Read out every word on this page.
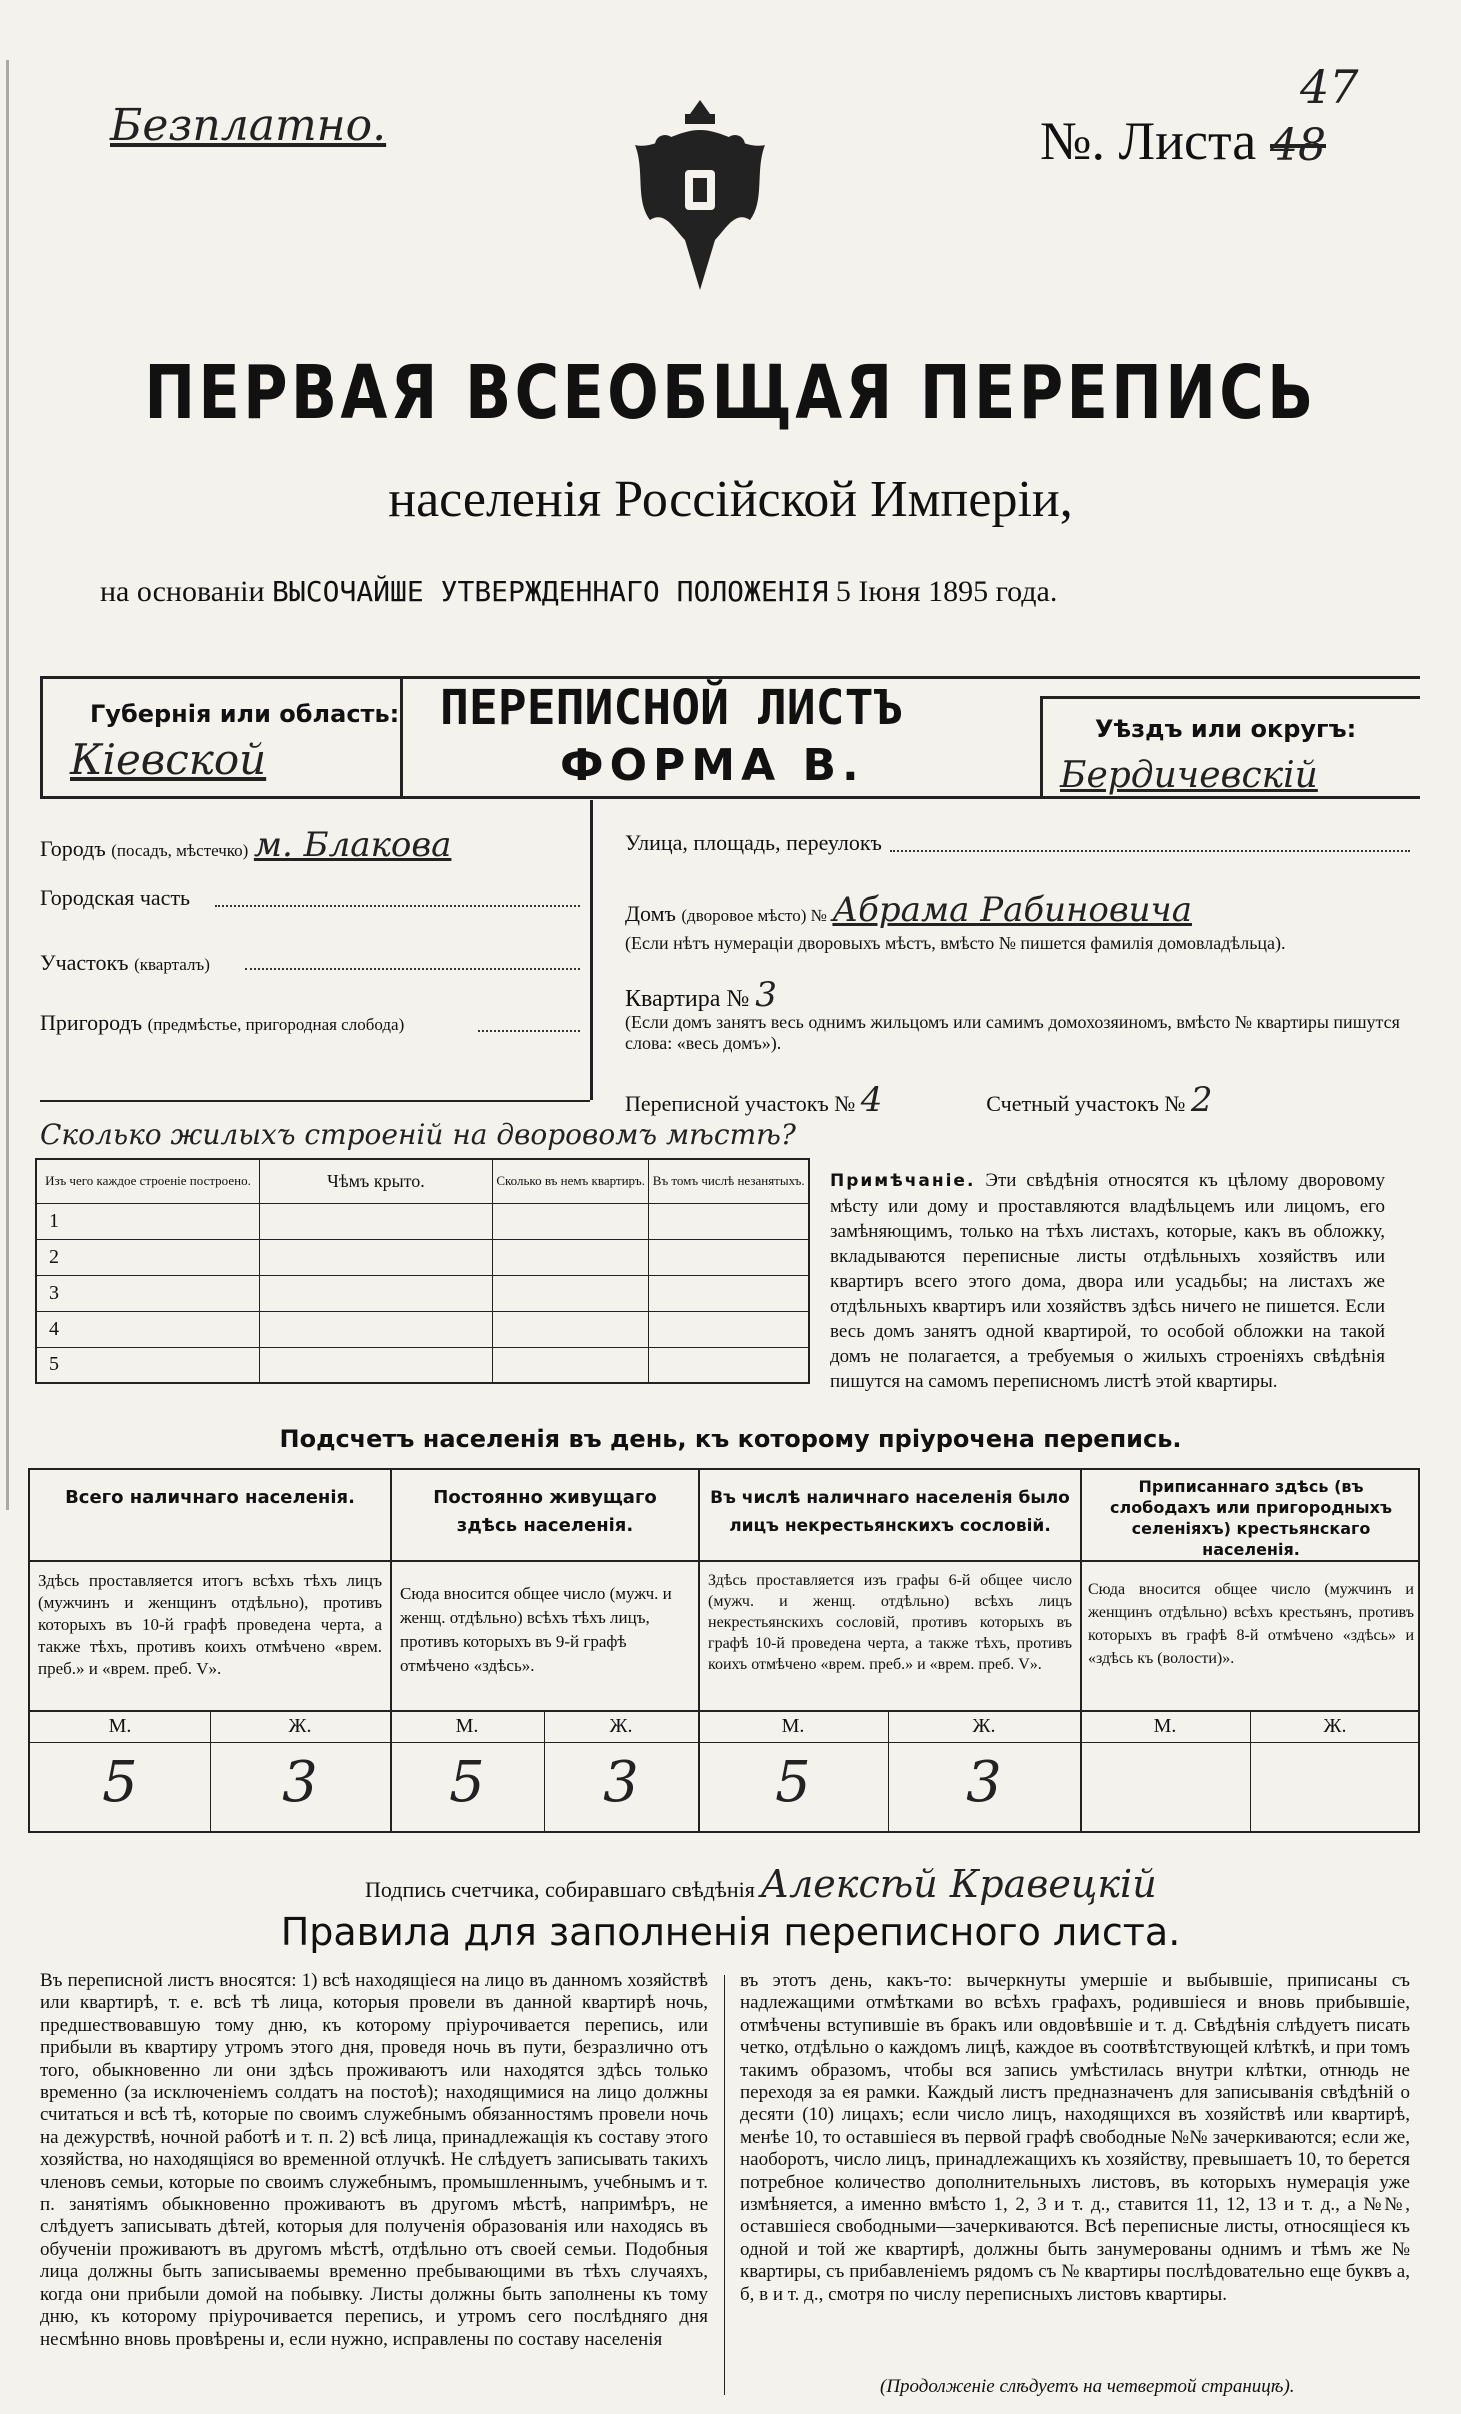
Безплатно.	№. Листа 48
47
ПЕРВАЯ ВСЕОБЩАЯ ПЕРЕПИСЬ
населенія Россійской Имперіи,
на основаніи ВЫСОЧАЙШЕ УТВЕРЖДЕННАГО ПОЛОЖЕНІЯ 5 Іюня 1895 года.
Губернія или область:
Кіевской
ПЕРЕПИСНОЙ ЛИСТЪ
ФОРМА В.
Уѣздъ или округъ:
Бердичевскій
Городъ (посадъ, мѣстечко) м. Блакова
Городская часть
Участокъ (кварталъ)
Пригородъ (предмѣстье, пригородная слобода)
Улица, площадь, переулокъ
Домъ (дворовое мѣсто) № Абрама Рабиновича
(Если нѣтъ нумераціи дворовыхъ мѣстъ, вмѣсто № пишется фамилія домовладѣльца).
Квартира № 3
(Если домъ занятъ весь однимъ жильцомъ или самимъ домохозяиномъ, вмѣсто № квартиры пишутся слова: «весь домъ»).
Переписной участокъ № 4	Счетный участокъ № 2
Сколько жилыхъ строеній на дворовомъ мѣстѣ?
Изъ чего каждое строеніе построено.	Чѣмъ крыто.	Сколько въ немъ квартиръ.	Въ томъ числѣ незанятыхъ.
1			
2			
3			
4			
5			
Примѣчаніе. Эти свѣдѣнія относятся къ цѣлому дворовому мѣсту или дому и проставляются владѣльцемъ или лицомъ, его замѣняющимъ, только на тѣхъ листахъ, которые, какъ въ обложку, вкладываются переписные листы отдѣльныхъ хозяйствъ или квартиръ всего этого дома, двора или усадьбы; на листахъ же отдѣльныхъ квартиръ или хозяйствъ здѣсь ничего не пишется. Если весь домъ занятъ одной квартирой, то особой обложки на такой домъ не полагается, а требуемыя о жилыхъ строеніяхъ свѣдѣнія пишутся на самомъ переписномъ листѣ этой квартиры.
Подсчетъ населенія въ день, къ которому пріурочена перепись.
Всего наличнаго населенія.
Здѣсь проставляется итогъ всѣхъ тѣхъ лицъ (мужчинъ и женщинъ отдѣльно), противъ которыхъ въ 10-й графѣ проведена черта, а также тѣхъ, противъ коихъ отмѣчено «врем. преб.» и «врем. преб. V».
М.	Ж.
5	3
Постоянно живущаго здѣсь населенія.
Сюда вносится общее число (мужч. и женщ. отдѣльно) всѣхъ тѣхъ лицъ, противъ которыхъ въ 9-й графѣ отмѣчено «здѣсь».
М.	Ж.
5	3
Въ числѣ наличнаго населенія было лицъ некрестьянскихъ сословій.
Здѣсь проставляется изъ графы 6-й общее число (мужч. и женщ. отдѣльно) всѣхъ лицъ некрестьянскихъ сословій, противъ которыхъ въ графѣ 10-й проведена черта, а также тѣхъ, противъ коихъ отмѣчено «врем. преб.» и «врем. преб. V».
М.	Ж.
5	3
Приписаннаго здѣсь (въ слободахъ или пригородныхъ селеніяхъ) крестьянскаго населенія.
Сюда вносится общее число (мужчинъ и женщинъ отдѣльно) всѣхъ крестьянъ, противъ которыхъ въ графѣ 8-й отмѣчено «здѣсь» и «здѣсь къ (волости)».
М.	Ж.
Подпись счетчика, собиравшаго свѣдѣнія Алексѣй Кравецкій
Правила для заполненія переписного листа.
Въ переписной листъ вносятся: 1) всѣ находящіеся на лицо въ данномъ хозяйствѣ или квартирѣ, т. е. всѣ тѣ лица, которыя провели въ данной квартирѣ ночь, предшествовавшую тому дню, къ которому пріурочивается перепись, или прибыли въ квартиру утромъ этого дня, проведя ночь въ пути, безразлично отъ того, обыкновенно ли они здѣсь проживаютъ или находятся здѣсь только временно (за исключеніемъ солдатъ на постоѣ); находящимися на лицо должны считаться и всѣ тѣ, которые по своимъ служебнымъ обязанностямъ провели ночь на дежурствѣ, ночной работѣ и т. п. 2) всѣ лица, принадлежащія къ составу этого хозяйства, но находящіяся во временной отлучкѣ. Не слѣдуетъ записывать такихъ членовъ семьи, которые по своимъ служебнымъ, промышленнымъ, учебнымъ и т. п. занятіямъ обыкновенно проживаютъ въ другомъ мѣстѣ, напримѣръ, не слѣдуетъ записывать дѣтей, которыя для полученія образованія или находясь въ обученіи проживаютъ въ другомъ мѣстѣ, отдѣльно отъ своей семьи. Подобныя лица должны быть записываемы временно пребывающими въ тѣхъ случаяхъ, когда они прибыли домой на побывку. Листы должны быть заполнены къ тому дню, къ которому пріурочивается перепись, и утромъ сего послѣдняго дня несмѣнно вновь провѣрены и, если нужно, исправлены по составу населенія
въ этотъ день, какъ-то: вычеркнуты умершіе и выбывшіе, приписаны съ надлежащими отмѣтками во всѣхъ графахъ, родившіеся и вновь прибывшіе, отмѣчены вступившіе въ бракъ или овдовѣвшіе и т. д. Свѣдѣнія слѣдуетъ писать четко, отдѣльно о каждомъ лицѣ, каждое въ соотвѣтствующей клѣткѣ, и при томъ такимъ образомъ, чтобы вся запись умѣстилась внутри клѣтки, отнюдь не переходя за ея рамки. Каждый листъ предназначенъ для записыванія свѣдѣній о десяти (10) лицахъ; если число лицъ, находящихся въ хозяйствѣ или квартирѣ, менѣе 10, то оставшіеся въ первой графѣ свободные №№ зачеркиваются; если же, наоборотъ, число лицъ, принадлежащихъ къ хозяйству, превышаетъ 10, то берется потребное количество дополнительныхъ листовъ, въ которыхъ нумерація уже измѣняется, а именно вмѣсто 1, 2, 3 и т. д., ставится 11, 12, 13 и т. д., а №№, оставшіеся свободными—зачеркиваются. Всѣ переписные листы, относящіеся къ одной и той же квартирѣ, должны быть занумерованы однимъ и тѣмъ же № квартиры, съ прибавленіемъ рядомъ съ № квартиры послѣдовательно еще буквъ а, б, в и т. д., смотря по числу переписныхъ листовъ квартиры.
(Продолженіе слѣдуетъ на четвертой страницѣ).
